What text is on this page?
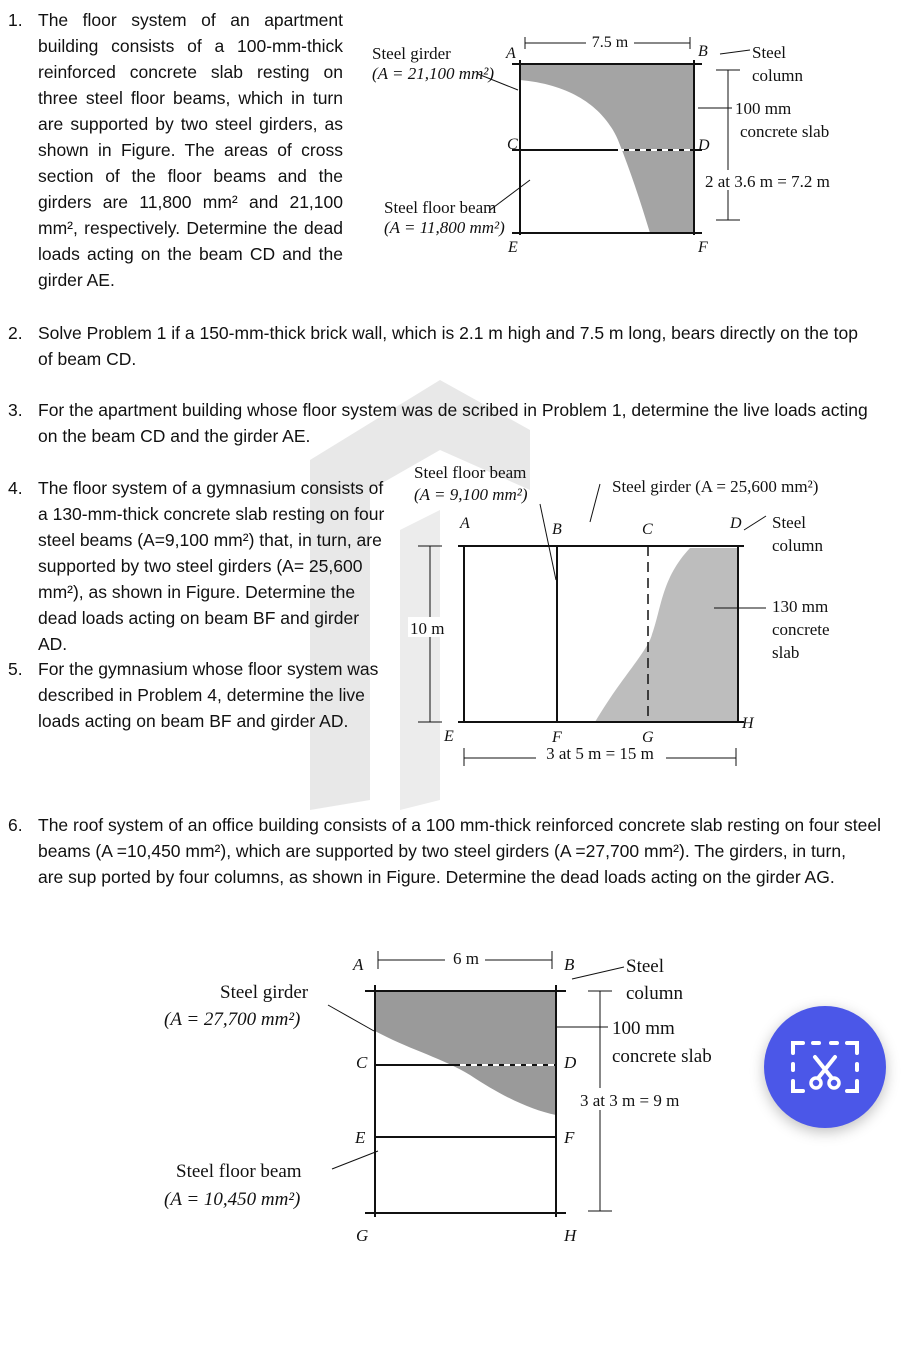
1. The floor system of an apartment
building consists of a 100-mm-thick
reinforced concrete slab resting on
three steel floor beams, which in turn
are supported by two steel girders, as
shown in Figure. The areas of cross
section of the floor beams and the
girders are 11,800 mm² and 21,100
mm², respectively. Determine the dead
loads acting on the beam CD and the
girder AE.
7.5 m
Steel girder
(A = 21,100 mm²)
A	B
C	D
E	F
Steel
column
100 mm
concrete slab
2 at 3.6 m = 7.2 m
Steel floor beam
(A = 11,800 mm²)
2. Solve Problem 1 if a 150-mm-thick brick wall, which is 2.1 m high and 7.5 m long, bears directly on the top
of beam CD.
3. For the apartment building whose floor system was de scribed in Problem 1, determine the live loads acting
on the beam CD and the girder AE.
4. The floor system of a gymnasium consists of
a 130-mm-thick concrete slab resting on four
steel beams (A=9,100 mm²) that, in turn, are
supported by two steel girders (A= 25,600
mm²), as shown in Figure. Determine the
dead loads acting on beam BF and girder AD.
5. For the gymnasium whose floor system was
described in Problem 4, determine the live
loads acting on beam BF and girder AD.
10 m
3 at 5 m = 15 m
Steel floor beam
(A = 9,100 mm²)	Steel girder (A = 25,600 mm²)
A	B	C	D
E	F	G
H
Steel
column
130 mm
concrete
slab
6. The roof system of an office building consists of a 100 mm-thick reinforced concrete slab resting on four steel
beams (A =10,450 mm²), which are supported by two steel girders (A =27,700 mm²). The girders, in turn,
are sup ported by four columns, as shown in Figure. Determine the dead loads acting on the girder AG.
6 m
3 at 3 m = 9 m
A	B
C	D
E	F
G	H
Steel girder
(A = 27,700 mm²)
Steel
column
100 mm
concrete slab
Steel floor beam
(A = 10,450 mm²)
